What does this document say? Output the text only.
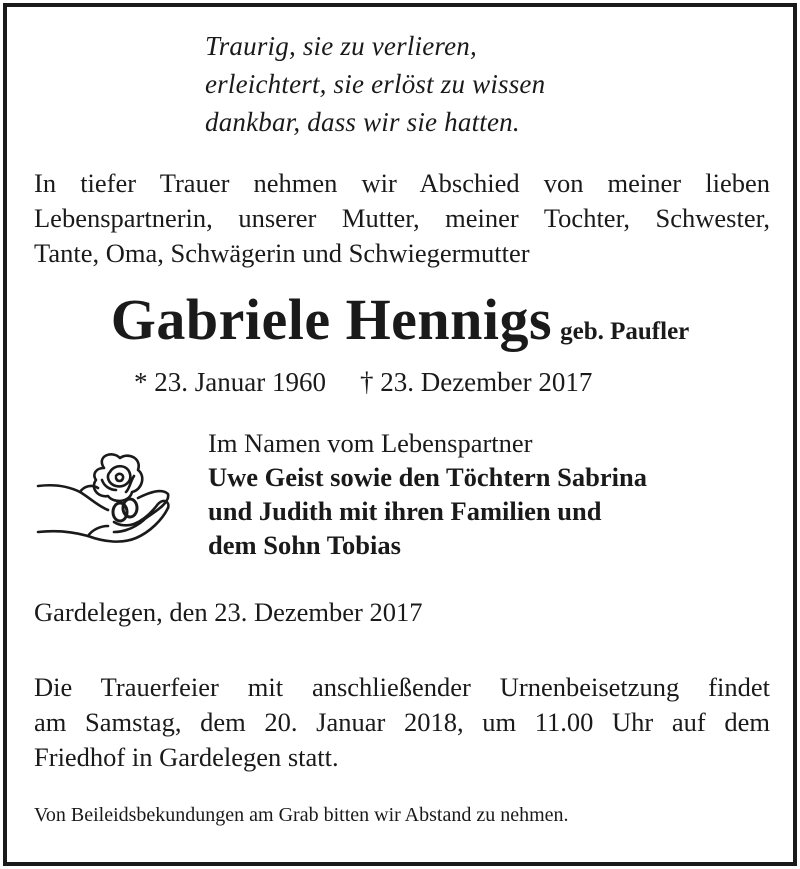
Traurig, sie zu verlieren,
erleichtert, sie erlöst zu wissen
dankbar, dass wir sie hatten.
In tiefer Trauer nehmen wir Abschied von meiner lieben
Lebenspartnerin, unserer Mutter, meiner Tochter, Schwester,
Tante, Oma, Schwägerin und Schwiegermutter
Gabriele Hennigs geb. Paufler
* 23. Januar 1960 † 23. Dezember 2017
Im Namen vom Lebenspartner
Uwe Geist sowie den Töchtern Sabrina
und Judith mit ihren Familien und
dem Sohn Tobias
Gardelegen, den 23. Dezember 2017
Die Trauerfeier mit anschließender Urnenbeisetzung findet
am Samstag, dem 20. Januar 2018, um 11.00 Uhr auf dem
Friedhof in Gardelegen statt.
Von Beileidsbekundungen am Grab bitten wir Abstand zu nehmen.
